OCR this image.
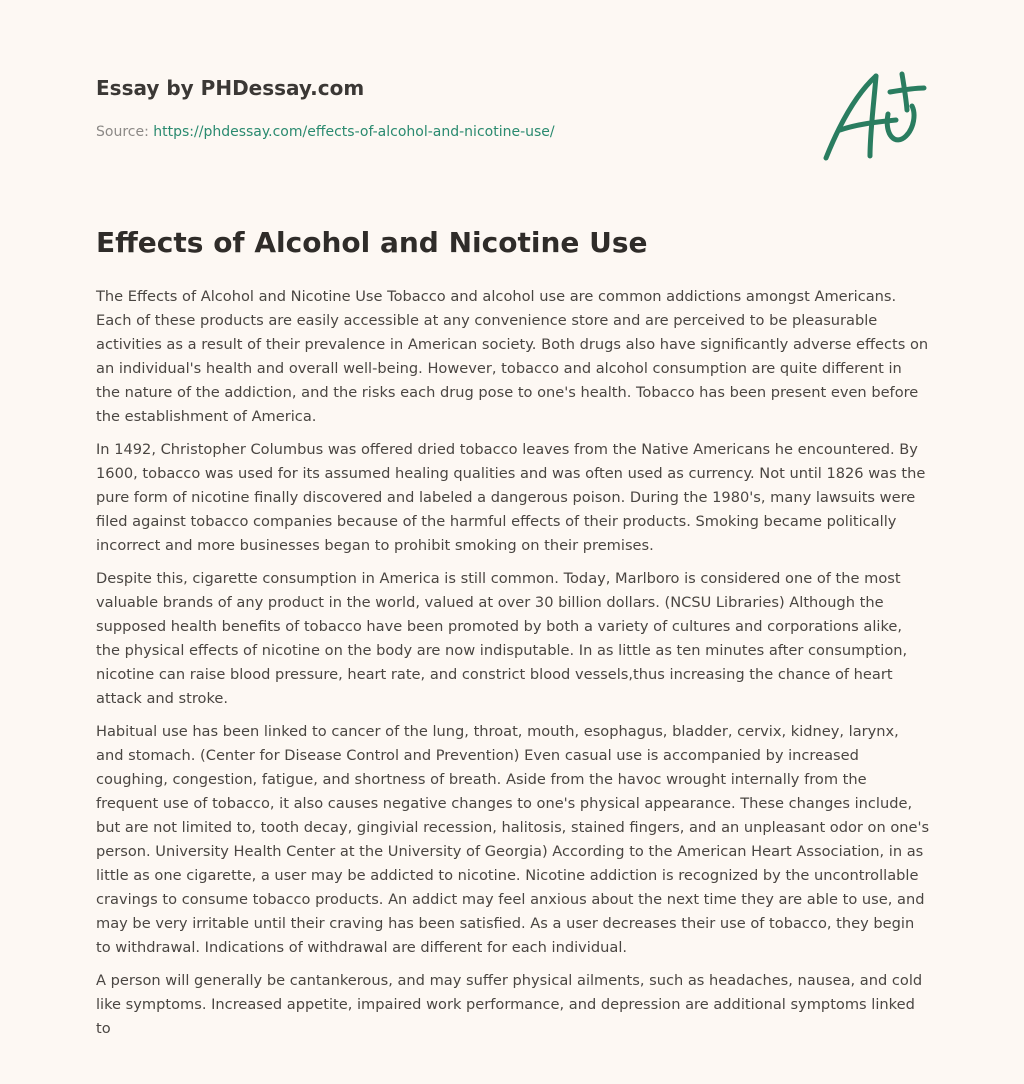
Essay by PHDessay.com
Source: https://phdessay.com/effects-of-alcohol-and-nicotine-use/
Effects of Alcohol and Nicotine Use

The Effects of Alcohol and Nicotine Use Tobacco and alcohol use are common addictions amongst Americans. Each of these products are easily accessible at any convenience store and are perceived to be pleasurable activities as a result of their prevalence in American society. Both drugs also have significantly adverse effects on an individual's health and overall well-being. However, tobacco and alcohol consumption are quite different in the nature of the addiction, and the risks each drug pose to one's health. Tobacco has been present even before the establishment of America.

In 1492, Christopher Columbus was offered dried tobacco leaves from the Native Americans he encountered. By 1600, tobacco was used for its assumed healing qualities and was often used as currency. Not until 1826 was the pure form of nicotine finally discovered and labeled a dangerous poison. During the 1980's, many lawsuits were filed against tobacco companies because of the harmful effects of their products. Smoking became politically incorrect and more businesses began to prohibit smoking on their premises.

Despite this, cigarette consumption in America is still common. Today, Marlboro is considered one of the most valuable brands of any product in the world, valued at over 30 billion dollars. (NCSU Libraries) Although the supposed health benefits of tobacco have been promoted by both a variety of cultures and corporations alike, the physical effects of nicotine on the body are now indisputable. In as little as ten minutes after consumption, nicotine can raise blood pressure, heart rate, and constrict blood vessels,thus increasing the chance of heart attack and stroke.

Habitual use has been linked to cancer of the lung, throat, mouth, esophagus, bladder, cervix, kidney, larynx, and stomach. (Center for Disease Control and Prevention) Even casual use is accompanied by increased coughing, congestion, fatigue, and shortness of breath. Aside from the havoc wrought internally from the frequent use of tobacco, it also causes negative changes to one's physical appearance. These changes include, but are not limited to, tooth decay, gingivial recession, halitosis, stained fingers, and an unpleasant odor on one's person. University Health Center at the University of Georgia) According to the American Heart Association, in as little as one cigarette, a user may be addicted to nicotine. Nicotine addiction is recognized by the uncontrollable cravings to consume tobacco products. An addict may feel anxious about the next time they are able to use, and may be very irritable until their craving has been satisfied. As a user decreases their use of tobacco, they begin to withdrawal. Indications of withdrawal are different for each individual.

A person will generally be cantankerous, and may suffer physical ailments, such as headaches, nausea, and cold like symptoms. Increased appetite, impaired work performance, and depression are additional symptoms linked to
